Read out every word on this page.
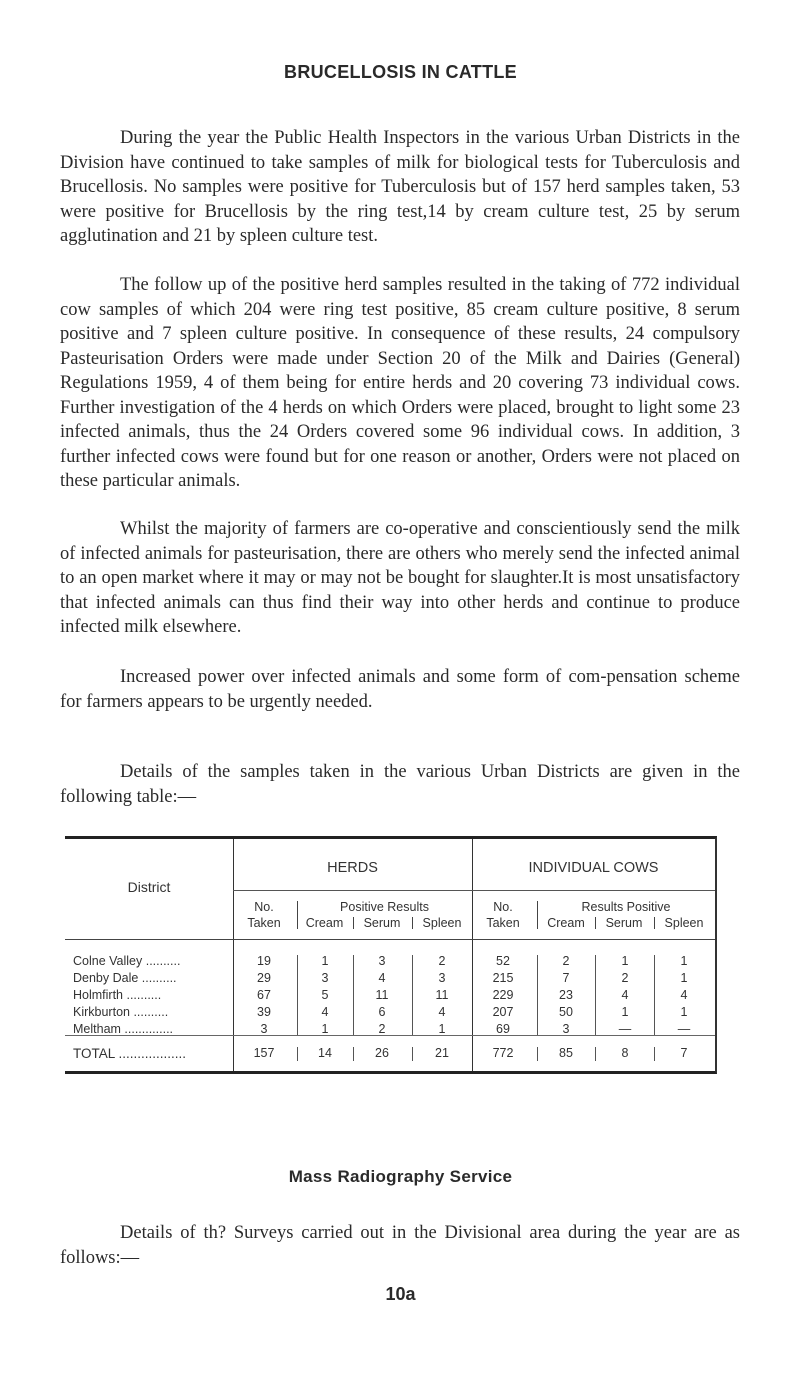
BRUCELLOSIS IN CATTLE

During the year the Public Health Inspectors in the various Urban Districts in the Division have continued to take samples of milk for biological tests for Tuberculosis and Brucellosis. No samples were positive for Tuberculosis but of 157 herd samples taken, 53 were positive for Brucellosis by the ring test,14 by cream culture test, 25 by serum agglutination and 21 by spleen culture test.

The follow up of the positive herd samples resulted in the taking of 772 individual cow samples of which 204 were ring test positive, 85 cream culture positive, 8 serum positive and 7 spleen culture positive. In consequence of these results, 24 compulsory Pasteurisation Orders were made under Section 20 of the Milk and Dairies (General) Regulations 1959, 4 of them being for entire herds and 20 covering 73 individual cows. Further investigation of the 4 herds on which Orders were placed, brought to light some 23 infected animals, thus the 24 Orders covered some 96 individual cows. In addition, 3 further infected cows were found but for one reason or another, Orders were not placed on these particular animals.

Whilst the majority of farmers are co-operative and conscientiously send the milk of infected animals for pasteurisation, there are others who merely send the infected animal to an open market where it may or may not be bought for slaughter.It is most unsatisfactory that infected animals can thus find their way into other herds and continue to produce infected milk elsewhere.

Increased power over infected animals and some form of com-pensation scheme for farmers appears to be urgently needed.

Details of the samples taken in the various Urban Districts are given in the following table:—

District
HERDS	INDIVIDUAL COWS
No.
Taken
Positive Results
Cream	Serum	Spleen
No.
Taken
Results Positive
Cream	Serum	Spleen
Colne Valley ..........	19	1	3	2	52	2	1	1
Denby Dale ..........	29	3	4	3	215	7	2	1
Holmfirth ..........	67	5	11	11	229	23	4	4
Kirkburton ..........	39	4	6	4	207	50	1	1
Meltham ..............	3	1	2	1	69	3	—	—
TOTAL ..................	157	14	26	21	772	85	8	7
Mass Radiography Service

Details of th? Surveys carried out in the Divisional area during the year are as follows:—

10a
